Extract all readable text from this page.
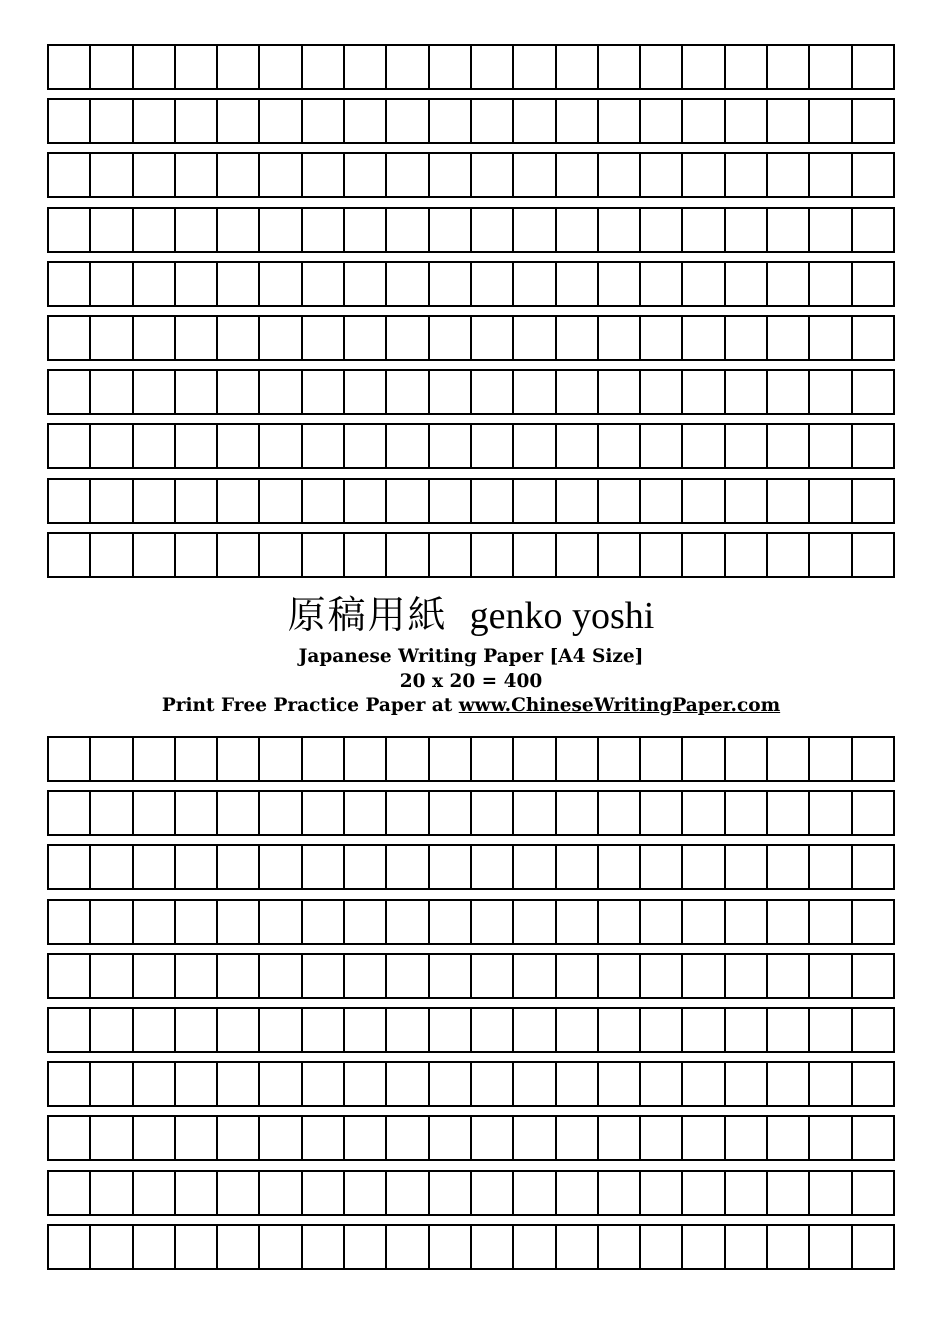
原稿用紙 genko yoshi
Japanese Writing Paper [A4 Size]
20 x 20 = 400
Print Free Practice Paper at www.ChineseWritingPaper.com
